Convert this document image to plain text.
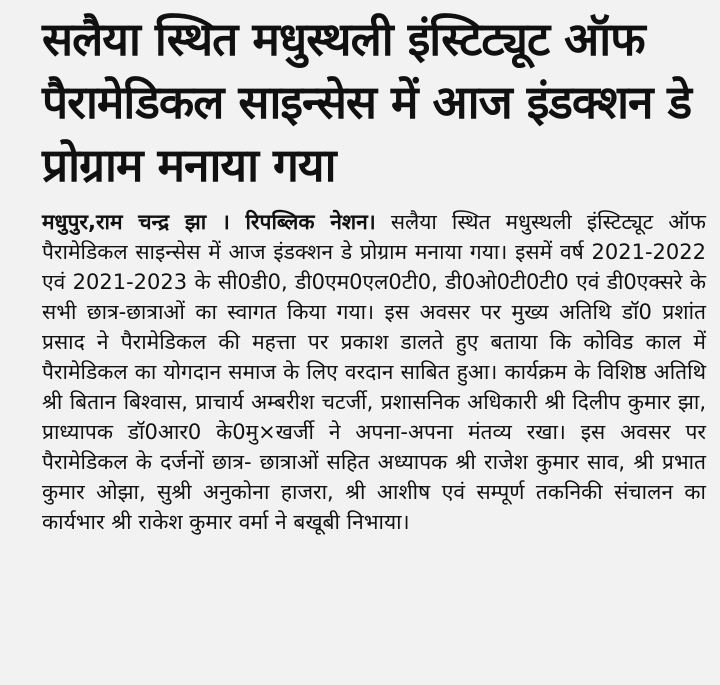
सलैया स्थित मधुस्थली इंस्टिट्यूट ऑफ पैरामेडिकल साइन्सेस में आज इंडक्शन डे प्रोग्राम मनाया गया
मधुपुर,राम चन्द्र झा । रिपब्लिक नेशन। सलैया स्थित मधुस्थली इंस्टिट्यूट ऑफ पैरामेडिकल साइन्सेस में आज इंडक्शन डे प्रोग्राम मनाया गया। इसमें वर्ष 2021-2022 एवं 2021-2023 के सी0डी0, डी0एम0एल0टी0, डी0ओ0टी0टी0 एवं डी0एक्सरे के सभी छात्र-छात्राओं का स्वागत किया गया। इस अवसर पर मुख्य अतिथि डॉ0 प्रशांत प्रसाद ने पैरामेडिकल की महत्ता पर प्रकाश डालते हुए बताया कि कोविड काल में पैरामेडिकल का योगदान समाज के लिए वरदान साबित हुआ। कार्यक्रम के विशिष्ठ अतिथि श्री बितान बिश्वास, प्राचार्य अम्बरीश चटर्जी, प्रशासनिक अधिकारी श्री दिलीप कुमार झा, प्राध्यापक डॉ0आर0 के0मु×खर्जी ने अपना-अपना मंतव्य रखा। इस अवसर पर पैरामेडिकल के दर्जनों छात्र- छात्राओं सहित अध्यापक श्री राजेश कुमार साव, श्री प्रभात कुमार ओझा, सुश्री अनुकोना हाजरा, श्री आशीष एवं सम्पूर्ण तकनिकी संचालन का कार्यभार श्री राकेश कुमार वर्मा ने बखूबी निभाया।
